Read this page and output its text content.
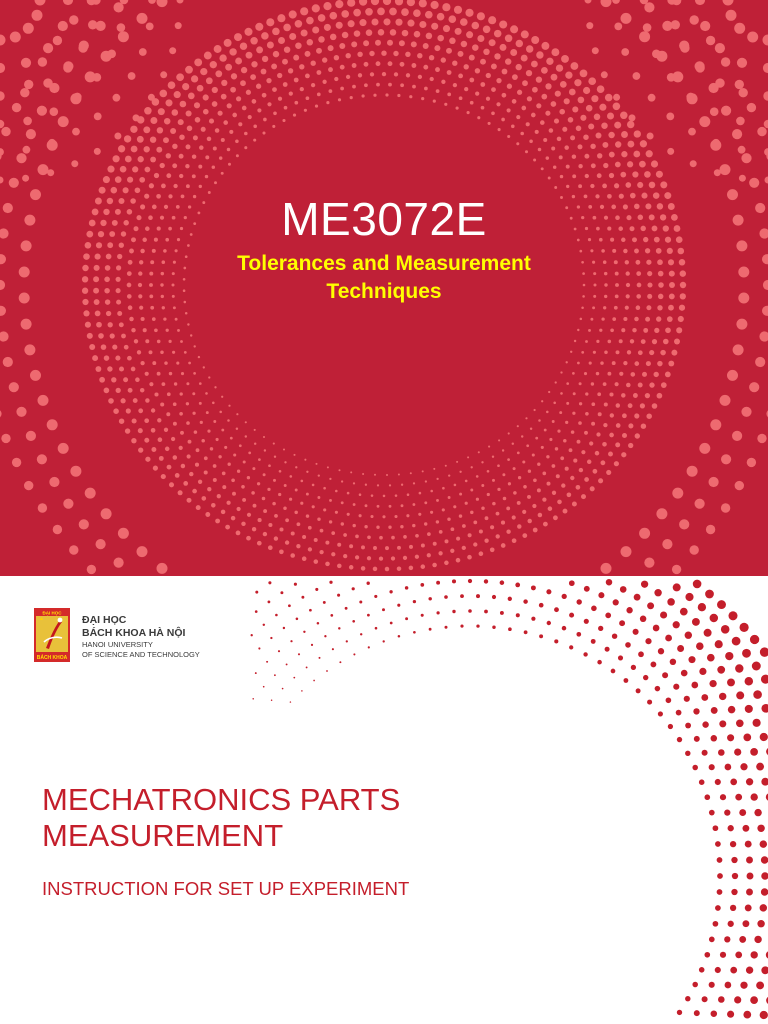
ME3072E
Tolerances and Measurement
Techniques
ĐẠI HỌC
BÁCH KHOA
ĐẠI HỌC
BÁCH KHOA HÀ NỘI
HANOI UNIVERSITY
OF SCIENCE AND TECHNOLOGY
MECHATRONICS PARTS
MEASUREMENT
INSTRUCTION FOR SET UP EXPERIMENT
